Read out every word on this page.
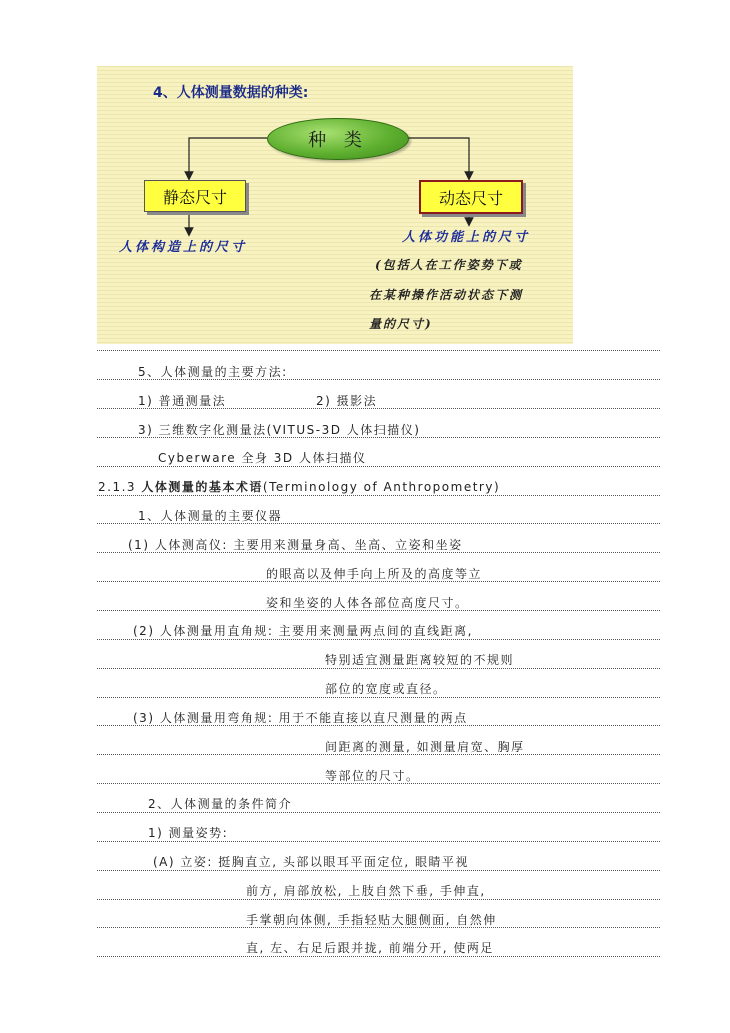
4、人体测量数据的种类:
种 类
静态尺寸	动态尺寸
人体构造上的尺寸
人体功能上的尺寸
(包括人在工作姿势下或
在某种操作活动状态下测
量的尺寸)
5、人体测量的主要方法:
1) 普通测量法	2) 摄影法
3) 三维数字化测量法(VITUS-3D 人体扫描仪)
Cyberware 全身 3D 人体扫描仪
2.1.3 人体测量的基本术语(Terminology of Anthropometry)
1、人体测量的主要仪器
(1) 人体测高仪: 主要用来测量身高、坐高、立姿和坐姿
的眼高以及伸手向上所及的高度等立
姿和坐姿的人体各部位高度尺寸。
(2) 人体测量用直角规: 主要用来测量两点间的直线距离,
特别适宜测量距离较短的不规则
部位的宽度或直径。
(3) 人体测量用弯角规: 用于不能直接以直尺测量的两点
间距离的测量, 如测量肩宽、胸厚
等部位的尺寸。
2、人体测量的条件简介
1) 测量姿势:
(A) 立姿: 挺胸直立, 头部以眼耳平面定位, 眼睛平视
前方, 肩部放松, 上肢自然下垂, 手伸直,
手掌朝向体侧, 手指轻贴大腿侧面, 自然伸
直, 左、右足后跟并拢, 前端分开, 使两足
